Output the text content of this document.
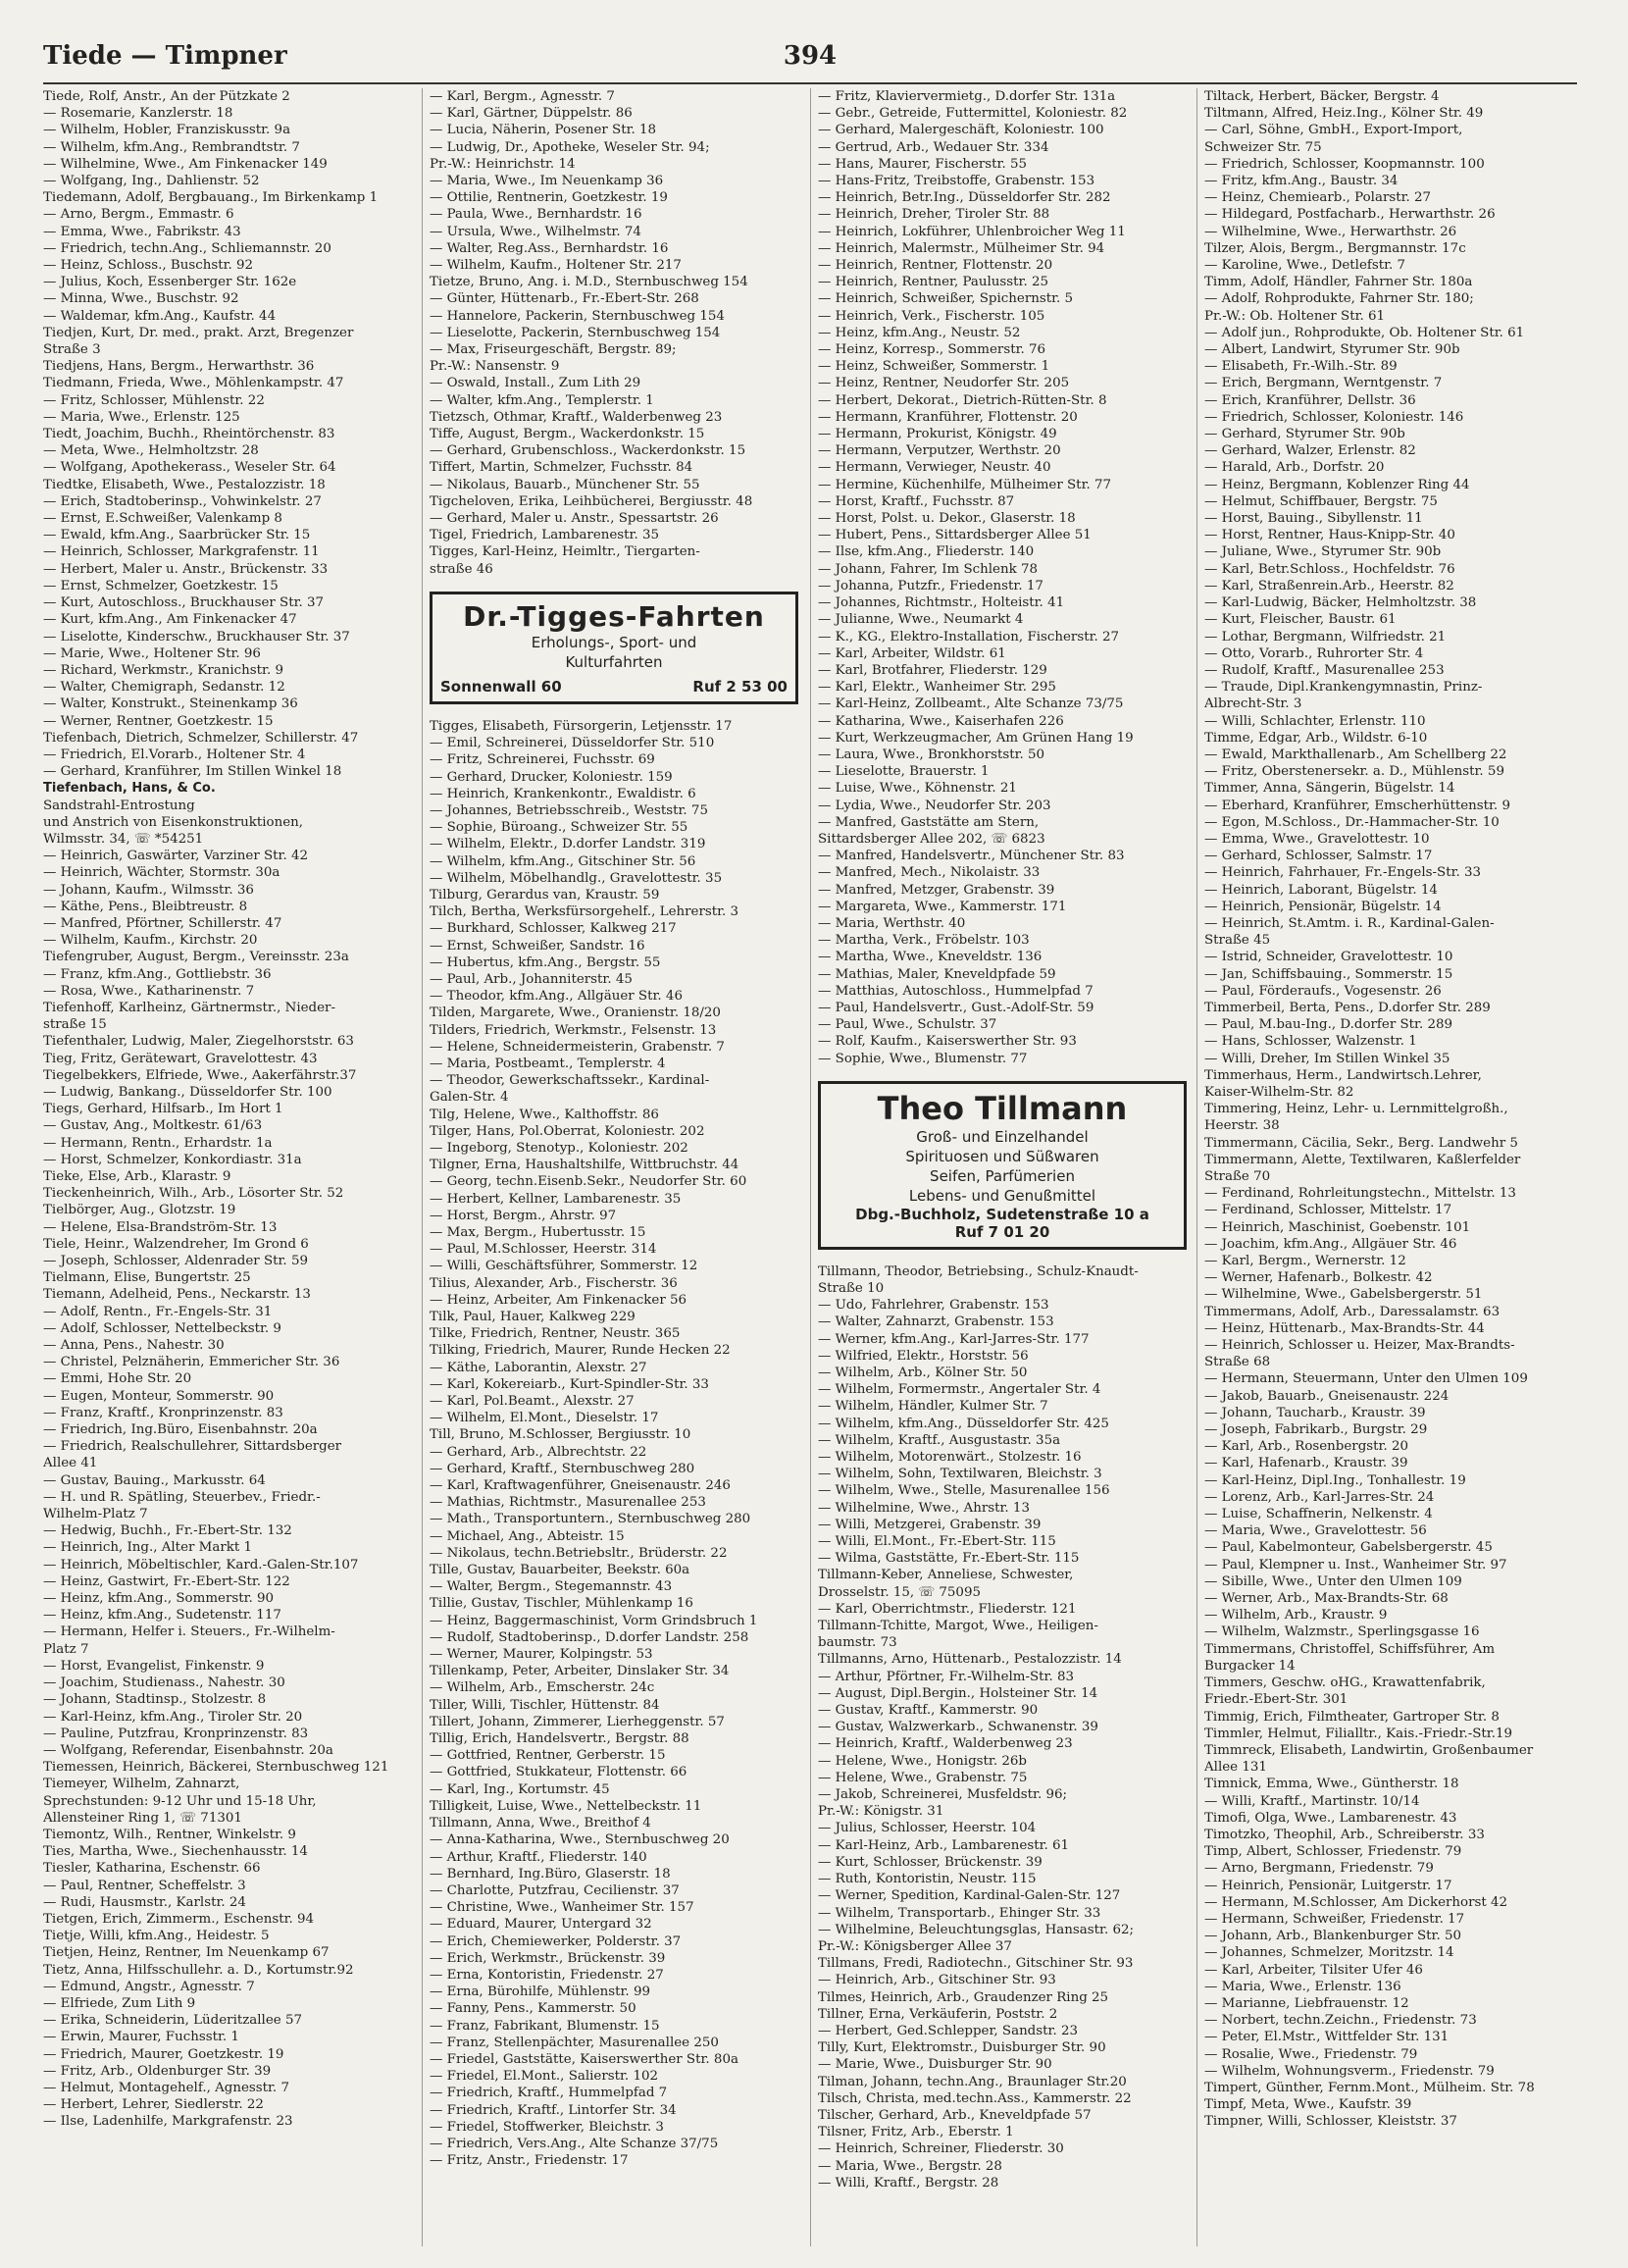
Tiede — Timpner	394
Tiede, Rolf, Anstr., An der Pützkate 2
— Rosemarie, Kanzlerstr. 18
— Wilhelm, Hobler, Franziskusstr. 9a
— Wilhelm, kfm.Ang., Rembrandtstr. 7
— Wilhelmine, Wwe., Am Finkenacker 149
— Wolfgang, Ing., Dahlienstr. 52
Tiedemann, Adolf, Bergbauang., Im Birkenkamp 1
— Arno, Bergm., Emmastr. 6
— Emma, Wwe., Fabrikstr. 43
— Friedrich, techn.Ang., Schliemannstr. 20
— Heinz, Schloss., Buschstr. 92
— Julius, Koch, Essenberger Str. 162e
— Minna, Wwe., Buschstr. 92
— Waldemar, kfm.Ang., Kaufstr. 44
Tiedjen, Kurt, Dr. med., prakt. Arzt, Bregenzer
Straße 3
Tiedjens, Hans, Bergm., Herwarthstr. 36
Tiedmann, Frieda, Wwe., Möhlenkampstr. 47
— Fritz, Schlosser, Mühlenstr. 22
— Maria, Wwe., Erlenstr. 125
Tiedt, Joachim, Buchh., Rheintörchenstr. 83
— Meta, Wwe., Helmholtzstr. 28
— Wolfgang, Apothekerass., Weseler Str. 64
Tiedtke, Elisabeth, Wwe., Pestalozzistr. 18
— Erich, Stadtoberinsp., Vohwinkelstr. 27
— Ernst, E.Schweißer, Valenkamp 8
— Ewald, kfm.Ang., Saarbrücker Str. 15
— Heinrich, Schlosser, Markgrafenstr. 11
— Herbert, Maler u. Anstr., Brückenstr. 33
— Ernst, Schmelzer, Goetzkestr. 15
— Kurt, Autoschloss., Bruckhauser Str. 37
— Kurt, kfm.Ang., Am Finkenacker 47
— Liselotte, Kinderschw., Bruckhauser Str. 37
— Marie, Wwe., Holtener Str. 96
— Richard, Werkmstr., Kranichstr. 9
— Walter, Chemigraph, Sedanstr. 12
— Walter, Konstrukt., Steinenkamp 36
— Werner, Rentner, Goetzkestr. 15
Tiefenbach, Dietrich, Schmelzer, Schillerstr. 47
— Friedrich, El.Vorarb., Holtener Str. 4
— Gerhard, Kranführer, Im Stillen Winkel 18
Tiefenbach, Hans, & Co.
Sandstrahl-Entrostung
und Anstrich von Eisenkonstruktionen,
Wilmsstr. 34, ☏ *54251
— Heinrich, Gaswärter, Varziner Str. 42
— Heinrich, Wächter, Stormstr. 30a
— Johann, Kaufm., Wilmsstr. 36
— Käthe, Pens., Bleibtreustr. 8
— Manfred, Pförtner, Schillerstr. 47
— Wilhelm, Kaufm., Kirchstr. 20
Tiefengruber, August, Bergm., Vereinsstr. 23a
— Franz, kfm.Ang., Gottliebstr. 36
— Rosa, Wwe., Katharinenstr. 7
Tiefenhoff, Karlheinz, Gärtnermstr., Nieder-
straße 15
Tiefenthaler, Ludwig, Maler, Ziegelhorststr. 63
Tieg, Fritz, Gerätewart, Gravelottestr. 43
Tiegelbekkers, Elfriede, Wwe., Aakerfährstr.37
— Ludwig, Bankang., Düsseldorfer Str. 100
Tiegs, Gerhard, Hilfsarb., Im Hort 1
— Gustav, Ang., Moltkestr. 61/63
— Hermann, Rentn., Erhardstr. 1a
— Horst, Schmelzer, Konkordiastr. 31a
Tieke, Else, Arb., Klarastr. 9
Tieckenheinrich, Wilh., Arb., Lösorter Str. 52
Tielbörger, Aug., Glotzstr. 19
— Helene, Elsa-Brandström-Str. 13
Tiele, Heinr., Walzendreher, Im Grond 6
— Joseph, Schlosser, Aldenrader Str. 59
Tielmann, Elise, Bungertstr. 25
Tiemann, Adelheid, Pens., Neckarstr. 13
— Adolf, Rentn., Fr.-Engels-Str. 31
— Adolf, Schlosser, Nettelbeckstr. 9
— Anna, Pens., Nahestr. 30
— Christel, Pelznäherin, Emmericher Str. 36
— Emmi, Hohe Str. 20
— Eugen, Monteur, Sommerstr. 90
— Franz, Kraftf., Kronprinzenstr. 83
— Friedrich, Ing.Büro, Eisenbahnstr. 20a
— Friedrich, Realschullehrer, Sittardsberger
Allee 41
— Gustav, Bauing., Markusstr. 64
— H. und R. Spätling, Steuerbev., Friedr.-
Wilhelm-Platz 7
— Hedwig, Buchh., Fr.-Ebert-Str. 132
— Heinrich, Ing., Alter Markt 1
— Heinrich, Möbeltischler, Kard.-Galen-Str.107
— Heinz, Gastwirt, Fr.-Ebert-Str. 122
— Heinz, kfm.Ang., Sommerstr. 90
— Heinz, kfm.Ang., Sudetenstr. 117
— Hermann, Helfer i. Steuers., Fr.-Wilhelm-
Platz 7
— Horst, Evangelist, Finkenstr. 9
— Joachim, Studienass., Nahestr. 30
— Johann, Stadtinsp., Stolzestr. 8
— Karl-Heinz, kfm.Ang., Tiroler Str. 20
— Pauline, Putzfrau, Kronprinzenstr. 83
— Wolfgang, Referendar, Eisenbahnstr. 20a
Tiemessen, Heinrich, Bäckerei, Sternbuschweg 121
Tiemeyer, Wilhelm, Zahnarzt,
Sprechstunden: 9-12 Uhr und 15-18 Uhr,
Allensteiner Ring 1, ☏ 71301
Tiemontz, Wilh., Rentner, Winkelstr. 9
Ties, Martha, Wwe., Siechenhausstr. 14
Tiesler, Katharina, Eschenstr. 66
— Paul, Rentner, Scheffelstr. 3
— Rudi, Hausmstr., Karlstr. 24
Tietgen, Erich, Zimmerm., Eschenstr. 94
Tietje, Willi, kfm.Ang., Heidestr. 5
Tietjen, Heinz, Rentner, Im Neuenkamp 67
Tietz, Anna, Hilfsschullehr. a. D., Kortumstr.92
— Edmund, Angstr., Agnesstr. 7
— Elfriede, Zum Lith 9
— Erika, Schneiderin, Lüderitzallee 57
— Erwin, Maurer, Fuchsstr. 1
— Friedrich, Maurer, Goetzkestr. 19
— Fritz, Arb., Oldenburger Str. 39
— Helmut, Montagehelf., Agnesstr. 7
— Herbert, Lehrer, Siedlerstr. 22
— Ilse, Ladenhilfe, Markgrafenstr. 23
— Karl, Bergm., Agnesstr. 7
— Karl, Gärtner, Düppelstr. 86
— Lucia, Näherin, Posener Str. 18
— Ludwig, Dr., Apotheke, Weseler Str. 94;
Pr.-W.: Heinrichstr. 14
— Maria, Wwe., Im Neuenkamp 36
— Ottilie, Rentnerin, Goetzkestr. 19
— Paula, Wwe., Bernhardstr. 16
— Ursula, Wwe., Wilhelmstr. 74
— Walter, Reg.Ass., Bernhardstr. 16
— Wilhelm, Kaufm., Holtener Str. 217
Tietze, Bruno, Ang. i. M.D., Sternbuschweg 154
— Günter, Hüttenarb., Fr.-Ebert-Str. 268
— Hannelore, Packerin, Sternbuschweg 154
— Lieselotte, Packerin, Sternbuschweg 154
— Max, Friseurgeschäft, Bergstr. 89;
Pr.-W.: Nansenstr. 9
— Oswald, Install., Zum Lith 29
— Walter, kfm.Ang., Templerstr. 1
Tietzsch, Othmar, Kraftf., Walderbenweg 23
Tiffe, August, Bergm., Wackerdonkstr. 15
— Gerhard, Grubenschloss., Wackerdonkstr. 15
Tiffert, Martin, Schmelzer, Fuchsstr. 84
— Nikolaus, Bauarb., Münchener Str. 55
Tigcheloven, Erika, Leihbücherei, Bergiusstr. 48
— Gerhard, Maler u. Anstr., Spessartstr. 26
Tigel, Friedrich, Lambarenestr. 35
Tigges, Karl-Heinz, Heimltr., Tiergarten-
straße 46
Dr.-Tigges-Fahrten
Erholungs-, Sport- und
Kulturfahrten
Sonnenwall 60	Ruf 2 53 00
Tigges, Elisabeth, Fürsorgerin, Letjensstr. 17
— Emil, Schreinerei, Düsseldorfer Str. 510
— Fritz, Schreinerei, Fuchsstr. 69
— Gerhard, Drucker, Koloniestr. 159
— Heinrich, Krankenkontr., Ewaldistr. 6
— Johannes, Betriebsschreib., Weststr. 75
— Sophie, Büroang., Schweizer Str. 55
— Wilhelm, Elektr., D.dorfer Landstr. 319
— Wilhelm, kfm.Ang., Gitschiner Str. 56
— Wilhelm, Möbelhandlg., Gravelottestr. 35
Tilburg, Gerardus van, Kraustr. 59
Tilch, Bertha, Werksfürsorgehelf., Lehrerstr. 3
— Burkhard, Schlosser, Kalkweg 217
— Ernst, Schweißer, Sandstr. 16
— Hubertus, kfm.Ang., Bergstr. 55
— Paul, Arb., Johanniterstr. 45
— Theodor, kfm.Ang., Allgäuer Str. 46
Tilden, Margarete, Wwe., Oranienstr. 18/20
Tilders, Friedrich, Werkmstr., Felsenstr. 13
— Helene, Schneidermeisterin, Grabenstr. 7
— Maria, Postbeamt., Templerstr. 4
— Theodor, Gewerkschaftssekr., Kardinal-
Galen-Str. 4
Tilg, Helene, Wwe., Kalthoffstr. 86
Tilger, Hans, Pol.Oberrat, Koloniestr. 202
— Ingeborg, Stenotyp., Koloniestr. 202
Tilgner, Erna, Haushaltshilfe, Wittbruchstr. 44
— Georg, techn.Eisenb.Sekr., Neudorfer Str. 60
— Herbert, Kellner, Lambarenestr. 35
— Horst, Bergm., Ahrstr. 97
— Max, Bergm., Hubertusstr. 15
— Paul, M.Schlosser, Heerstr. 314
— Willi, Geschäftsführer, Sommerstr. 12
Tilius, Alexander, Arb., Fischerstr. 36
— Heinz, Arbeiter, Am Finkenacker 56
Tilk, Paul, Hauer, Kalkweg 229
Tilke, Friedrich, Rentner, Neustr. 365
Tilking, Friedrich, Maurer, Runde Hecken 22
— Käthe, Laborantin, Alexstr. 27
— Karl, Kokereiarb., Kurt-Spindler-Str. 33
— Karl, Pol.Beamt., Alexstr. 27
— Wilhelm, El.Mont., Dieselstr. 17
Till, Bruno, M.Schlosser, Bergiusstr. 10
— Gerhard, Arb., Albrechtstr. 22
— Gerhard, Kraftf., Sternbuschweg 280
— Karl, Kraftwagenführer, Gneisenaustr. 246
— Mathias, Richtmstr., Masurenallee 253
— Math., Transportuntern., Sternbuschweg 280
— Michael, Ang., Abteistr. 15
— Nikolaus, techn.Betriebsltr., Brüderstr. 22
Tille, Gustav, Bauarbeiter, Beekstr. 60a
— Walter, Bergm., Stegemannstr. 43
Tillie, Gustav, Tischler, Mühlenkamp 16
— Heinz, Baggermaschinist, Vorm Grindsbruch 1
— Rudolf, Stadtoberinsp., D.dorfer Landstr. 258
— Werner, Maurer, Kolpingstr. 53
Tillenkamp, Peter, Arbeiter, Dinslaker Str. 34
— Wilhelm, Arb., Emscherstr. 24c
Tiller, Willi, Tischler, Hüttenstr. 84
Tillert, Johann, Zimmerer, Lierheggenstr. 57
Tillig, Erich, Handelsvertr., Bergstr. 88
— Gottfried, Rentner, Gerberstr. 15
— Gottfried, Stukkateur, Flottenstr. 66
— Karl, Ing., Kortumstr. 45
Tilligkeit, Luise, Wwe., Nettelbeckstr. 11
Tillmann, Anna, Wwe., Breithof 4
— Anna-Katharina, Wwe., Sternbuschweg 20
— Arthur, Kraftf., Fliederstr. 140
— Bernhard, Ing.Büro, Glaserstr. 18
— Charlotte, Putzfrau, Cecilienstr. 37
— Christine, Wwe., Wanheimer Str. 157
— Eduard, Maurer, Untergard 32
— Erich, Chemiewerker, Polderstr. 37
— Erich, Werkmstr., Brückenstr. 39
— Erna, Kontoristin, Friedenstr. 27
— Erna, Bürohilfe, Mühlenstr. 99
— Fanny, Pens., Kammerstr. 50
— Franz, Fabrikant, Blumenstr. 15
— Franz, Stellenpächter, Masurenallee 250
— Friedel, Gaststätte, Kaiserswerther Str. 80a
— Friedel, El.Mont., Salierstr. 102
— Friedrich, Kraftf., Hummelpfad 7
— Friedrich, Kraftf., Lintorfer Str. 34
— Friedel, Stoffwerker, Bleichstr. 3
— Friedrich, Vers.Ang., Alte Schanze 37/75
— Fritz, Anstr., Friedenstr. 17
— Fritz, Klaviervermietg., D.dorfer Str. 131a
— Gebr., Getreide, Futtermittel, Koloniestr. 82
— Gerhard, Malergeschäft, Koloniestr. 100
— Gertrud, Arb., Wedauer Str. 334
— Hans, Maurer, Fischerstr. 55
— Hans-Fritz, Treibstoffe, Grabenstr. 153
— Heinrich, Betr.Ing., Düsseldorfer Str. 282
— Heinrich, Dreher, Tiroler Str. 88
— Heinrich, Lokführer, Uhlenbroicher Weg 11
— Heinrich, Malermstr., Mülheimer Str. 94
— Heinrich, Rentner, Flottenstr. 20
— Heinrich, Rentner, Paulusstr. 25
— Heinrich, Schweißer, Spichernstr. 5
— Heinrich, Verk., Fischerstr. 105
— Heinz, kfm.Ang., Neustr. 52
— Heinz, Korresp., Sommerstr. 76
— Heinz, Schweißer, Sommerstr. 1
— Heinz, Rentner, Neudorfer Str. 205
— Herbert, Dekorat., Dietrich-Rütten-Str. 8
— Hermann, Kranführer, Flottenstr. 20
— Hermann, Prokurist, Königstr. 49
— Hermann, Verputzer, Werthstr. 20
— Hermann, Verwieger, Neustr. 40
— Hermine, Küchenhilfe, Mülheimer Str. 77
— Horst, Kraftf., Fuchsstr. 87
— Horst, Polst. u. Dekor., Glaserstr. 18
— Hubert, Pens., Sittardsberger Allee 51
— Ilse, kfm.Ang., Fliederstr. 140
— Johann, Fahrer, Im Schlenk 78
— Johanna, Putzfr., Friedenstr. 17
— Johannes, Richtmstr., Holteistr. 41
— Julianne, Wwe., Neumarkt 4
— K., KG., Elektro-Installation, Fischerstr. 27
— Karl, Arbeiter, Wildstr. 61
— Karl, Brotfahrer, Fliederstr. 129
— Karl, Elektr., Wanheimer Str. 295
— Karl-Heinz, Zollbeamt., Alte Schanze 73/75
— Katharina, Wwe., Kaiserhafen 226
— Kurt, Werkzeugmacher, Am Grünen Hang 19
— Laura, Wwe., Bronkhorststr. 50
— Lieselotte, Brauerstr. 1
— Luise, Wwe., Köhnenstr. 21
— Lydia, Wwe., Neudorfer Str. 203
— Manfred, Gaststätte am Stern,
Sittardsberger Allee 202, ☏ 6823
— Manfred, Handelsvertr., Münchener Str. 83
— Manfred, Mech., Nikolaistr. 33
— Manfred, Metzger, Grabenstr. 39
— Margareta, Wwe., Kammerstr. 171
— Maria, Werthstr. 40
— Martha, Verk., Fröbelstr. 103
— Martha, Wwe., Kneveldstr. 136
— Mathias, Maler, Kneveldpfade 59
— Matthias, Autoschloss., Hummelpfad 7
— Paul, Handelsvertr., Gust.-Adolf-Str. 59
— Paul, Wwe., Schulstr. 37
— Rolf, Kaufm., Kaiserswerther Str. 93
— Sophie, Wwe., Blumenstr. 77
Theo Tillmann
Groß- und Einzelhandel
Spirituosen und Süßwaren
Seifen, Parfümerien
Lebens- und Genußmittel
Dbg.-Buchholz, Sudetenstraße 10 a
Ruf 7 01 20
Tillmann, Theodor, Betriebsing., Schulz-Knaudt-
Straße 10
— Udo, Fahrlehrer, Grabenstr. 153
— Walter, Zahnarzt, Grabenstr. 153
— Werner, kfm.Ang., Karl-Jarres-Str. 177
— Wilfried, Elektr., Horststr. 56
— Wilhelm, Arb., Kölner Str. 50
— Wilhelm, Formermstr., Angertaler Str. 4
— Wilhelm, Händler, Kulmer Str. 7
— Wilhelm, kfm.Ang., Düsseldorfer Str. 425
— Wilhelm, Kraftf., Ausgustastr. 35a
— Wilhelm, Motorenwärt., Stolzestr. 16
— Wilhelm, Sohn, Textilwaren, Bleichstr. 3
— Wilhelm, Wwe., Stelle, Masurenallee 156
— Wilhelmine, Wwe., Ahrstr. 13
— Willi, Metzgerei, Grabenstr. 39
— Willi, El.Mont., Fr.-Ebert-Str. 115
— Wilma, Gaststätte, Fr.-Ebert-Str. 115
Tillmann-Keber, Anneliese, Schwester,
Drosselstr. 15, ☏ 75095
— Karl, Oberrichtmstr., Fliederstr. 121
Tillmann-Tchitte, Margot, Wwe., Heiligen-
baumstr. 73
Tillmanns, Arno, Hüttenarb., Pestalozzistr. 14
— Arthur, Pförtner, Fr.-Wilhelm-Str. 83
— August, Dipl.Bergin., Holsteiner Str. 14
— Gustav, Kraftf., Kammerstr. 90
— Gustav, Walzwerkarb., Schwanenstr. 39
— Heinrich, Kraftf., Walderbenweg 23
— Helene, Wwe., Honigstr. 26b
— Helene, Wwe., Grabenstr. 75
— Jakob, Schreinerei, Musfeldstr. 96;
Pr.-W.: Königstr. 31
— Julius, Schlosser, Heerstr. 104
— Karl-Heinz, Arb., Lambarenestr. 61
— Kurt, Schlosser, Brückenstr. 39
— Ruth, Kontoristin, Neustr. 115
— Werner, Spedition, Kardinal-Galen-Str. 127
— Wilhelm, Transportarb., Ehinger Str. 33
— Wilhelmine, Beleuchtungsglas, Hansastr. 62;
Pr.-W.: Königsberger Allee 37
Tillmans, Fredi, Radiotechn., Gitschiner Str. 93
— Heinrich, Arb., Gitschiner Str. 93
Tilmes, Heinrich, Arb., Graudenzer Ring 25
Tillner, Erna, Verkäuferin, Poststr. 2
— Herbert, Ged.Schlepper, Sandstr. 23
Tilly, Kurt, Elektromstr., Duisburger Str. 90
— Marie, Wwe., Duisburger Str. 90
Tilman, Johann, techn.Ang., Braunlager Str.20
Tilsch, Christa, med.techn.Ass., Kammerstr. 22
Tilscher, Gerhard, Arb., Kneveldpfade 57
Tilsner, Fritz, Arb., Eberstr. 1
— Heinrich, Schreiner, Fliederstr. 30
— Maria, Wwe., Bergstr. 28
— Willi, Kraftf., Bergstr. 28
Tiltack, Herbert, Bäcker, Bergstr. 4
Tiltmann, Alfred, Heiz.Ing., Kölner Str. 49
— Carl, Söhne, GmbH., Export-Import,
Schweizer Str. 75
— Friedrich, Schlosser, Koopmannstr. 100
— Fritz, kfm.Ang., Baustr. 34
— Heinz, Chemiearb., Polarstr. 27
— Hildegard, Postfacharb., Herwarthstr. 26
— Wilhelmine, Wwe., Herwarthstr. 26
Tilzer, Alois, Bergm., Bergmannstr. 17c
— Karoline, Wwe., Detlefstr. 7
Timm, Adolf, Händler, Fahrner Str. 180a
— Adolf, Rohprodukte, Fahrner Str. 180;
Pr.-W.: Ob. Holtener Str. 61
— Adolf jun., Rohprodukte, Ob. Holtener Str. 61
— Albert, Landwirt, Styrumer Str. 90b
— Elisabeth, Fr.-Wilh.-Str. 89
— Erich, Bergmann, Werntgenstr. 7
— Erich, Kranführer, Dellstr. 36
— Friedrich, Schlosser, Koloniestr. 146
— Gerhard, Styrumer Str. 90b
— Gerhard, Walzer, Erlenstr. 82
— Harald, Arb., Dorfstr. 20
— Heinz, Bergmann, Koblenzer Ring 44
— Helmut, Schiffbauer, Bergstr. 75
— Horst, Bauing., Sibyllenstr. 11
— Horst, Rentner, Haus-Knipp-Str. 40
— Juliane, Wwe., Styrumer Str. 90b
— Karl, Betr.Schloss., Hochfeldstr. 76
— Karl, Straßenrein.Arb., Heerstr. 82
— Karl-Ludwig, Bäcker, Helmholtzstr. 38
— Kurt, Fleischer, Baustr. 61
— Lothar, Bergmann, Wilfriedstr. 21
— Otto, Vorarb., Ruhrorter Str. 4
— Rudolf, Kraftf., Masurenallee 253
— Traude, Dipl.Krankengymnastin, Prinz-
Albrecht-Str. 3
— Willi, Schlachter, Erlenstr. 110
Timme, Edgar, Arb., Wildstr. 6-10
— Ewald, Markthallenarb., Am Schellberg 22
— Fritz, Oberstenersekr. a. D., Mühlenstr. 59
Timmer, Anna, Sängerin, Bügelstr. 14
— Eberhard, Kranführer, Emscherhüttenstr. 9
— Egon, M.Schloss., Dr.-Hammacher-Str. 10
— Emma, Wwe., Gravelottestr. 10
— Gerhard, Schlosser, Salmstr. 17
— Heinrich, Fahrhauer, Fr.-Engels-Str. 33
— Heinrich, Laborant, Bügelstr. 14
— Heinrich, Pensionär, Bügelstr. 14
— Heinrich, St.Amtm. i. R., Kardinal-Galen-
Straße 45
— Istrid, Schneider, Gravelottestr. 10
— Jan, Schiffsbauing., Sommerstr. 15
— Paul, Förderaufs., Vogesenstr. 26
Timmerbeil, Berta, Pens., D.dorfer Str. 289
— Paul, M.bau-Ing., D.dorfer Str. 289
— Hans, Schlosser, Walzenstr. 1
— Willi, Dreher, Im Stillen Winkel 35
Timmerhaus, Herm., Landwirtsch.Lehrer,
Kaiser-Wilhelm-Str. 82
Timmering, Heinz, Lehr- u. Lernmittelgroßh.,
Heerstr. 38
Timmermann, Cäcilia, Sekr., Berg. Landwehr 5
Timmermann, Alette, Textilwaren, Kaßlerfelder
Straße 70
— Ferdinand, Rohrleitungstechn., Mittelstr. 13
— Ferdinand, Schlosser, Mittelstr. 17
— Heinrich, Maschinist, Goebenstr. 101
— Joachim, kfm.Ang., Allgäuer Str. 46
— Karl, Bergm., Wernerstr. 12
— Werner, Hafenarb., Bolkestr. 42
— Wilhelmine, Wwe., Gabelsbergerstr. 51
Timmermans, Adolf, Arb., Daressalamstr. 63
— Heinz, Hüttenarb., Max-Brandts-Str. 44
— Heinrich, Schlosser u. Heizer, Max-Brandts-
Straße 68
— Hermann, Steuermann, Unter den Ulmen 109
— Jakob, Bauarb., Gneisenaustr. 224
— Johann, Taucharb., Kraustr. 39
— Joseph, Fabrikarb., Burgstr. 29
— Karl, Arb., Rosenbergstr. 20
— Karl, Hafenarb., Kraustr. 39
— Karl-Heinz, Dipl.Ing., Tonhallestr. 19
— Lorenz, Arb., Karl-Jarres-Str. 24
— Luise, Schaffnerin, Nelkenstr. 4
— Maria, Wwe., Gravelottestr. 56
— Paul, Kabelmonteur, Gabelsbergerstr. 45
— Paul, Klempner u. Inst., Wanheimer Str. 97
— Sibille, Wwe., Unter den Ulmen 109
— Werner, Arb., Max-Brandts-Str. 68
— Wilhelm, Arb., Kraustr. 9
— Wilhelm, Walzmstr., Sperlingsgasse 16
Timmermans, Christoffel, Schiffsführer, Am
Burgacker 14
Timmers, Geschw. oHG., Krawattenfabrik,
Friedr.-Ebert-Str. 301
Timmig, Erich, Filmtheater, Gartroper Str. 8
Timmler, Helmut, Filialltr., Kais.-Friedr.-Str.19
Timmreck, Elisabeth, Landwirtin, Großenbaumer
Allee 131
Timnick, Emma, Wwe., Güntherstr. 18
— Willi, Kraftf., Martinstr. 10/14
Timofi, Olga, Wwe., Lambarenestr. 43
Timotzko, Theophil, Arb., Schreiberstr. 33
Timp, Albert, Schlosser, Friedenstr. 79
— Arno, Bergmann, Friedenstr. 79
— Heinrich, Pensionär, Luitgerstr. 17
— Hermann, M.Schlosser, Am Dickerhorst 42
— Hermann, Schweißer, Friedenstr. 17
— Johann, Arb., Blankenburger Str. 50
— Johannes, Schmelzer, Moritzstr. 14
— Karl, Arbeiter, Tilsiter Ufer 46
— Maria, Wwe., Erlenstr. 136
— Marianne, Liebfrauenstr. 12
— Norbert, techn.Zeichn., Friedenstr. 73
— Peter, El.Mstr., Wittfelder Str. 131
— Rosalie, Wwe., Friedenstr. 79
— Wilhelm, Wohnungsverm., Friedenstr. 79
Timpert, Günther, Fernm.Mont., Mülheim. Str. 78
Timpf, Meta, Wwe., Kaufstr. 39
Timpner, Willi, Schlosser, Kleiststr. 37
